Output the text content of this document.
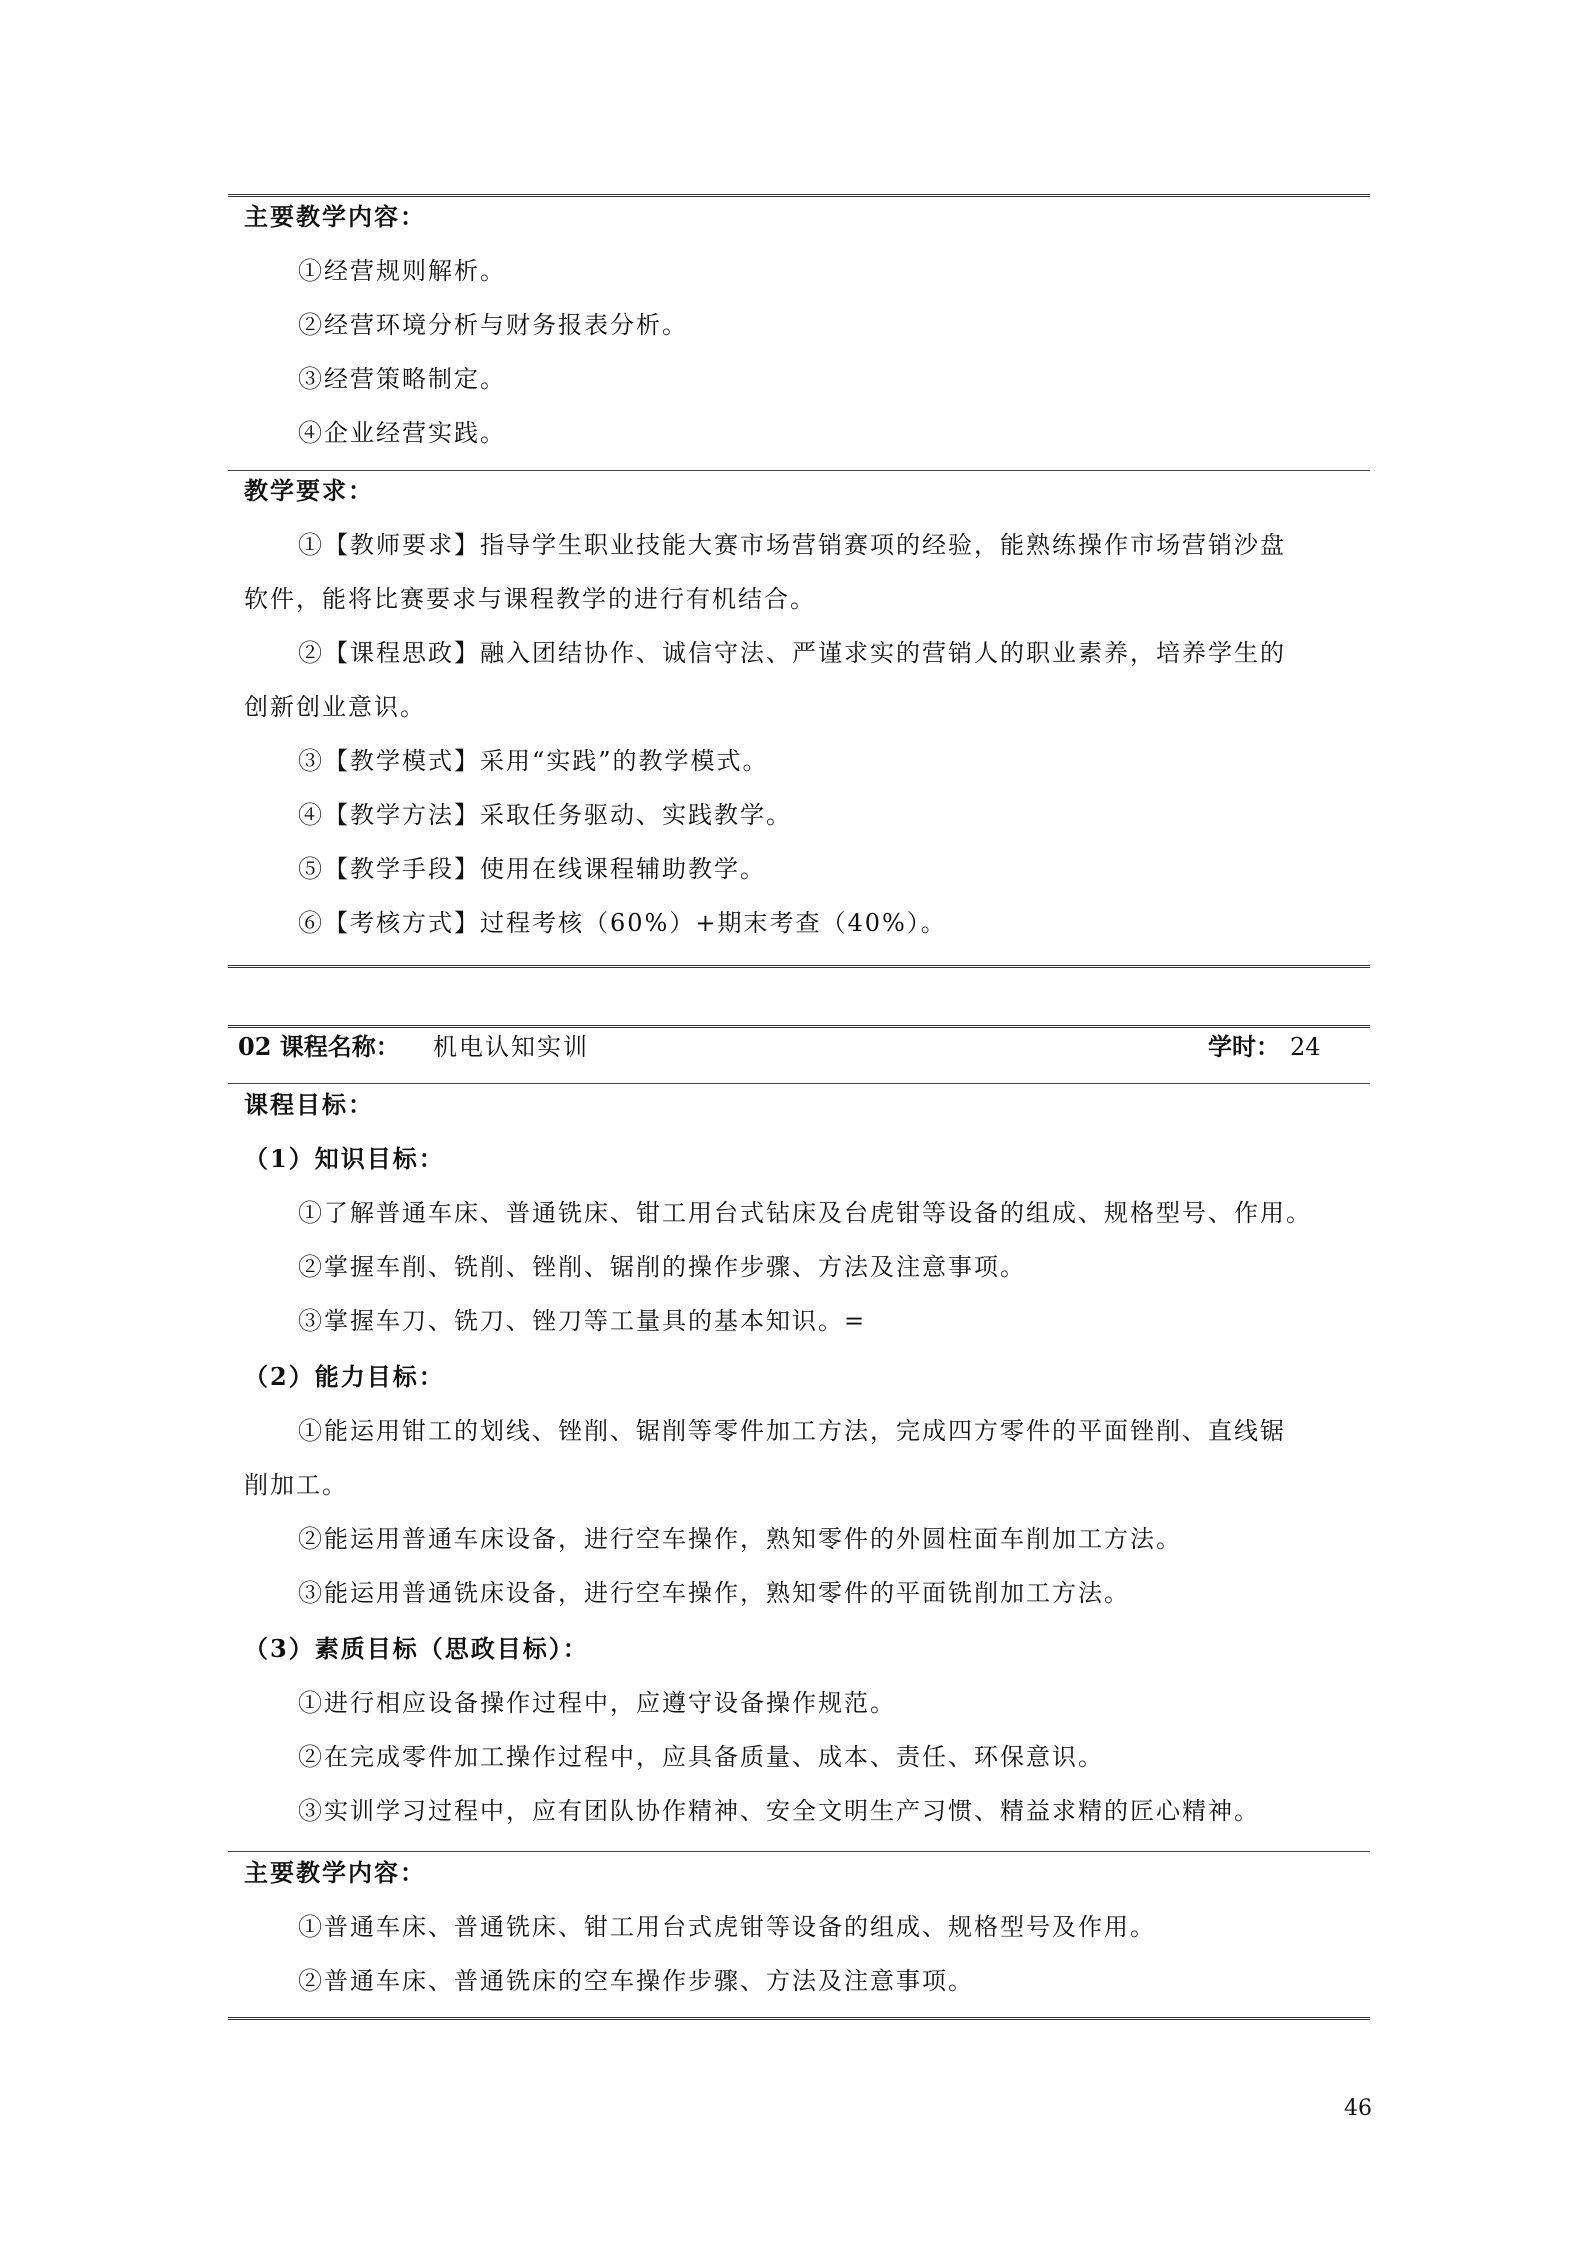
主要教学内容：
①经营规则解析。
②经营环境分析与财务报表分析。
③经营策略制定。
④企业经营实践。
教学要求：
①【教师要求】指导学生职业技能大赛市场营销赛项的经验，能熟练操作市场营销沙盘
软件，能将比赛要求与课程教学的进行有机结合。
②【课程思政】融入团结协作、诚信守法、严谨求实的营销人的职业素养，培养学生的
创新创业意识。
③【教学模式】采用“实践”的教学模式。
④【教学方法】采取任务驱动、实践教学。
⑤【教学手段】使用在线课程辅助教学。
⑥【考核方式】过程考核（60%）+期末考查（40%）。
02 课程名称： 机电认知实训	学时： 24
课程目标：
（1）知识目标：
①了解普通车床、普通铣床、钳工用台式钻床及台虎钳等设备的组成、规格型号、作用。
②掌握车削、铣削、锉削、锯削的操作步骤、方法及注意事项。
③掌握车刀、铣刀、锉刀等工量具的基本知识。=
（2）能力目标：
①能运用钳工的划线、锉削、锯削等零件加工方法，完成四方零件的平面锉削、直线锯
削加工。
②能运用普通车床设备，进行空车操作，熟知零件的外圆柱面车削加工方法。
③能运用普通铣床设备，进行空车操作，熟知零件的平面铣削加工方法。
（3）素质目标（思政目标）：
①进行相应设备操作过程中，应遵守设备操作规范。
②在完成零件加工操作过程中，应具备质量、成本、责任、环保意识。
③实训学习过程中，应有团队协作精神、安全文明生产习惯、精益求精的匠心精神。
主要教学内容：
①普通车床、普通铣床、钳工用台式虎钳等设备的组成、规格型号及作用。
②普通车床、普通铣床的空车操作步骤、方法及注意事项。
46
